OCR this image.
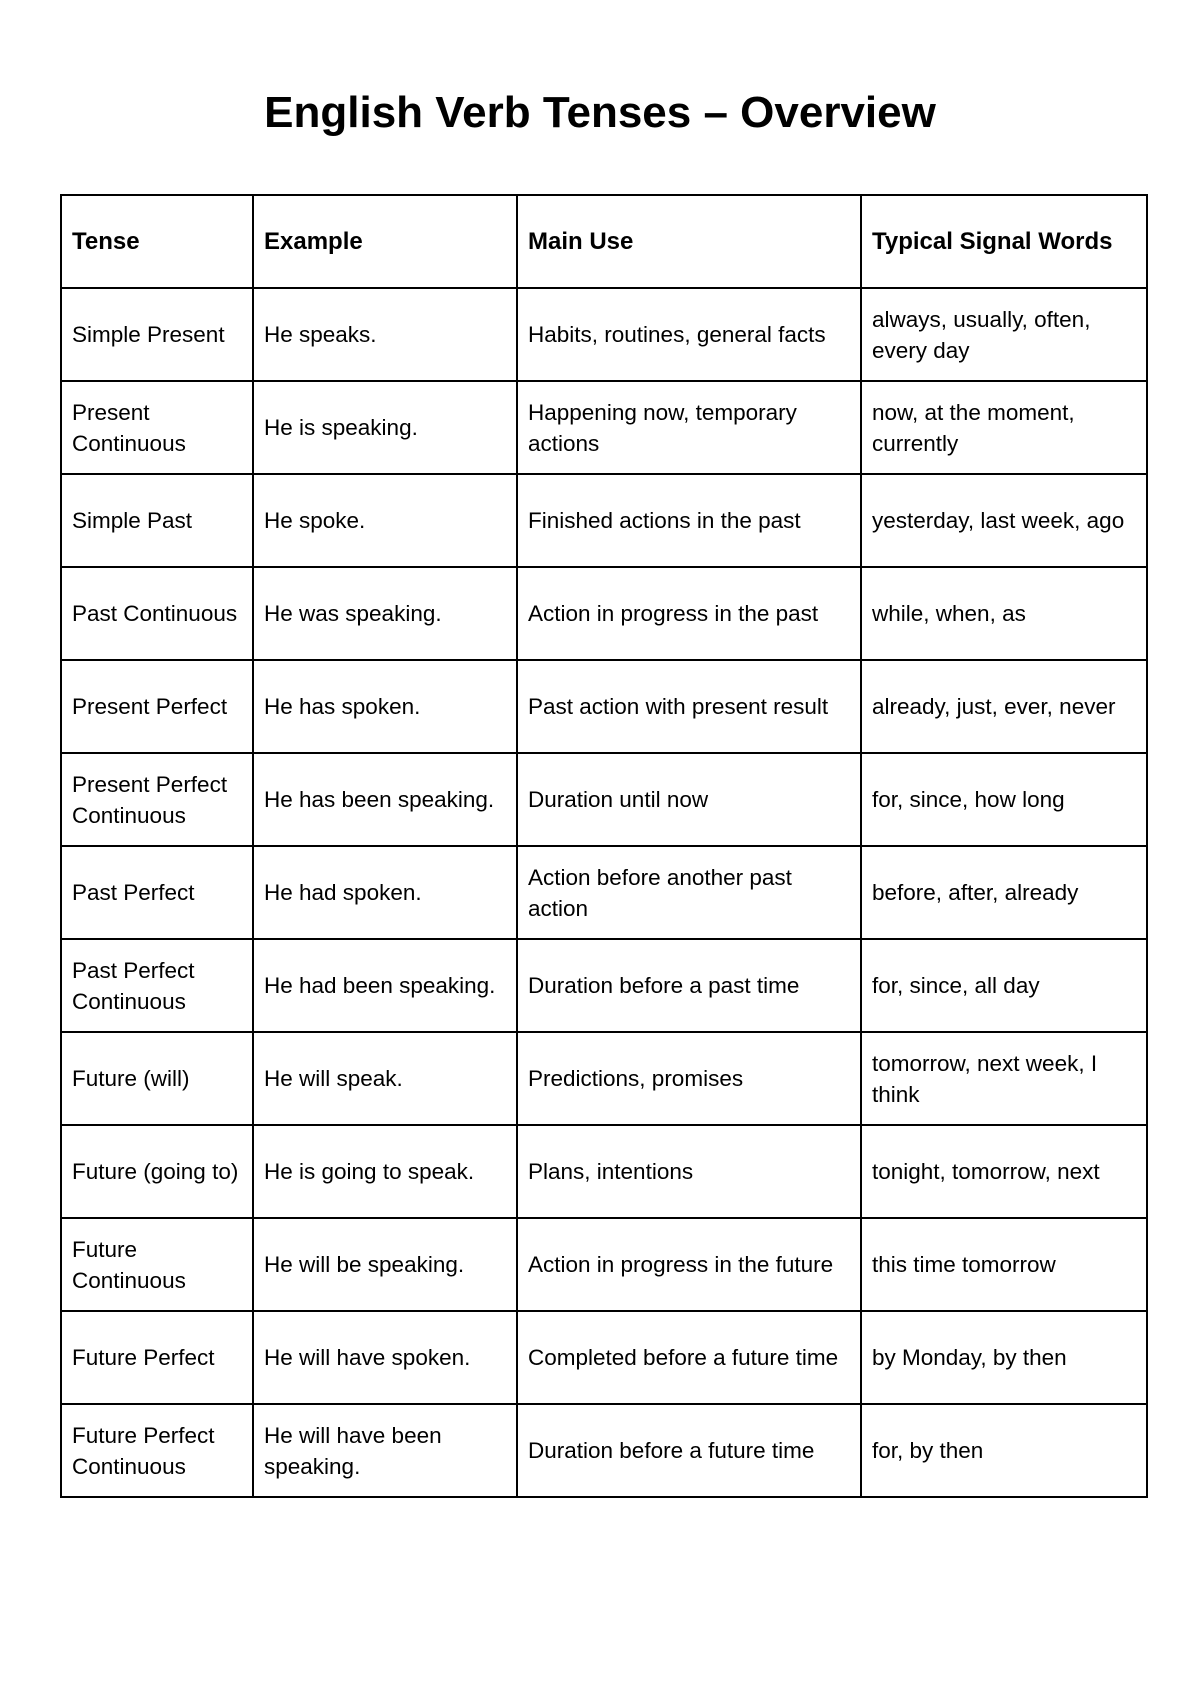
English Verb Tenses – Overview
Tense	Example	Main Use	Typical Signal Words
Simple Present	He speaks.	Habits, routines, general facts	always, usually, often, every day
Present Continuous	He is speaking.	Happening now, temporary actions	now, at the moment, currently
Simple Past	He spoke.	Finished actions in the past	yesterday, last week, ago
Past Continuous	He was speaking.	Action in progress in the past	while, when, as
Present Perfect	He has spoken.	Past action with present result	already, just, ever, never
Present Perfect Continuous	He has been speaking.	Duration until now	for, since, how long
Past Perfect	He had spoken.	Action before another past action	before, after, already
Past Perfect Continuous	He had been speaking.	Duration before a past time	for, since, all day
Future (will)	He will speak.	Predictions, promises	tomorrow, next week, I think
Future (going to)	He is going to speak.	Plans, intentions	tonight, tomorrow, next
Future Continuous	He will be speaking.	Action in progress in the future	this time tomorrow
Future Perfect	He will have spoken.	Completed before a future time	by Monday, by then
Future Perfect Continuous	He will have been speaking.	Duration before a future time	for, by then
